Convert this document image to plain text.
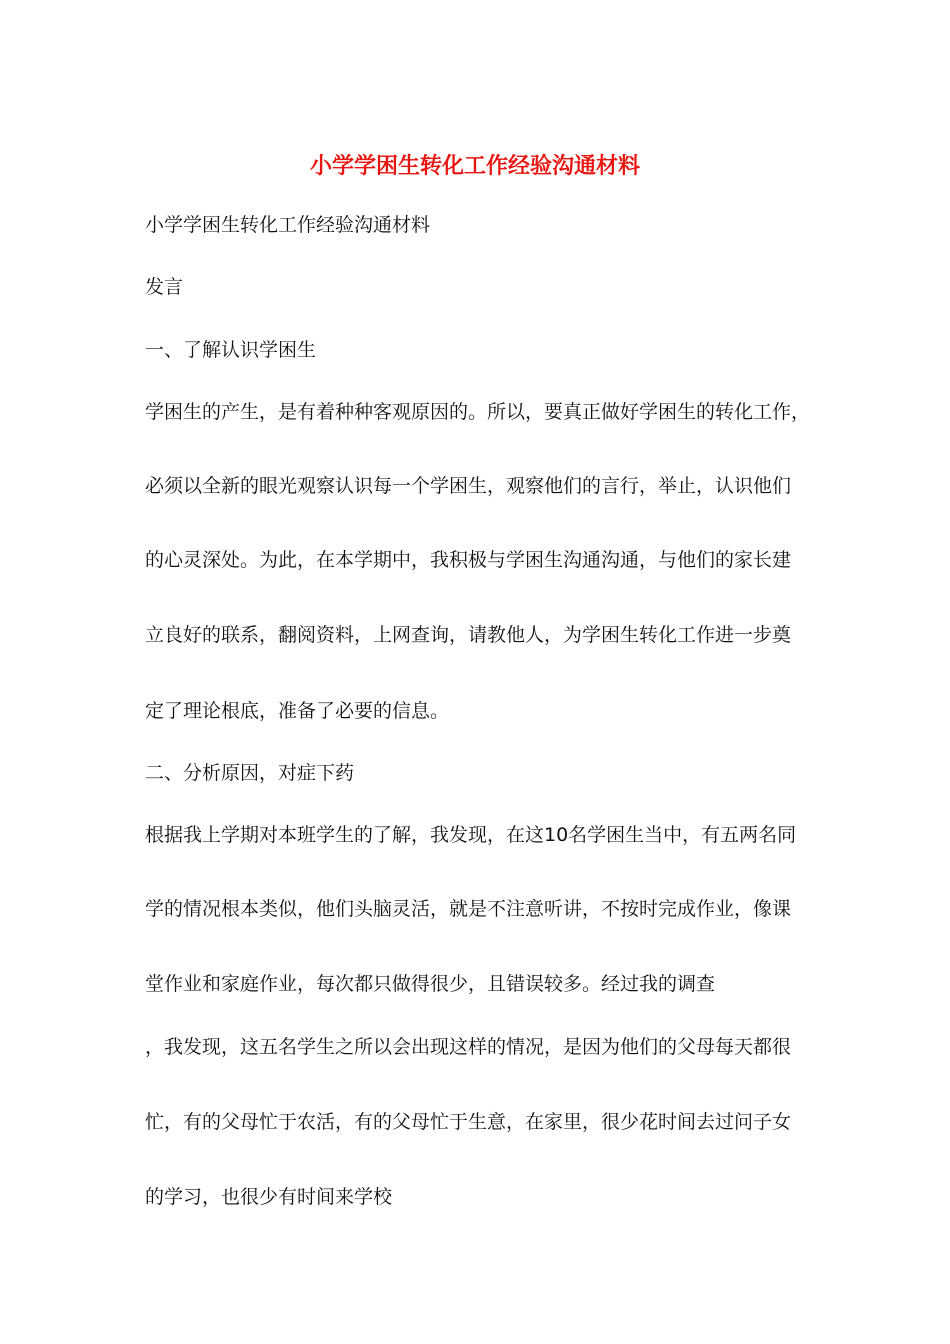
小学学困生转化工作经验沟通材料
小学学困生转化工作经验沟通材料
发言
一、了解认识学困生
学困生的产生，是有着种种客观原因的。所以，要真正做好学困生的转化工作，
必须以全新的眼光观察认识每一个学困生，观察他们的言行，举止，认识他们
的心灵深处。为此，在本学期中，我积极与学困生沟通沟通，与他们的家长建
立良好的联系，翻阅资料，上网查询，请教他人，为学困生转化工作进一步奠
定了理论根底，准备了必要的信息。
二、分析原因，对症下药
根据我上学期对本班学生的了解，我发现，在这10名学困生当中，有五两名同
学的情况根本类似，他们头脑灵活，就是不注意听讲，不按时完成作业，像课
堂作业和家庭作业，每次都只做得很少，且错误较多。经过我的调查
，我发现，这五名学生之所以会出现这样的情况，是因为他们的父母每天都很
忙，有的父母忙于农活，有的父母忙于生意，在家里，很少花时间去过问子女
的学习，也很少有时间来学校
